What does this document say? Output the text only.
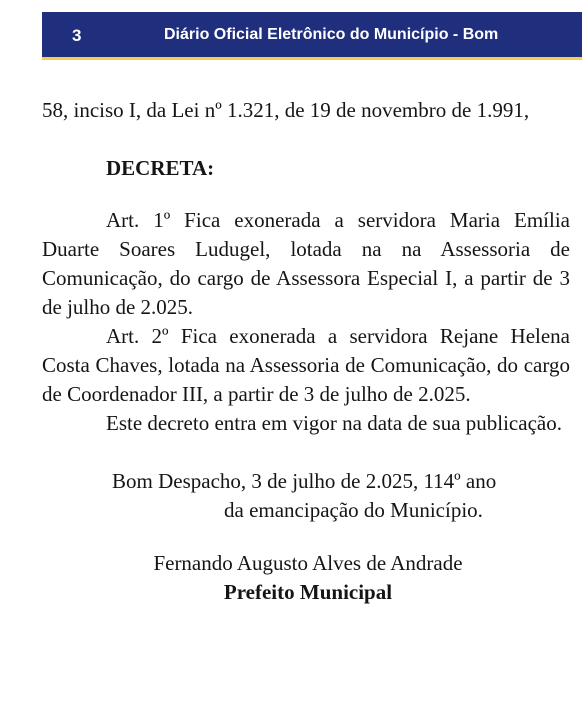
3	Diário Oficial Eletrônico do Município - Bom

58, inciso I, da Lei nº 1.321, de 19 de novembro de 1.991,

DECRETA:

Art. 1º Fica exonerada a servidora Maria Emília Duarte Soares Ludugel, lotada na na Assessoria de Comunicação, do cargo de Assessora Especial I, a partir de 3 de julho de 2.025.

Art. 2º Fica exonerada a servidora Rejane Helena Costa Chaves, lotada na Assessoria de Comunicação, do cargo de Coordenador III, a partir de 3 de julho de 2.025.

Este decreto entra em vigor na data de sua publicação.

Bom Despacho, 3 de julho de 2.025, 114º ano

da emancipação do Município.

Fernando Augusto Alves de Andrade

Prefeito Municipal
